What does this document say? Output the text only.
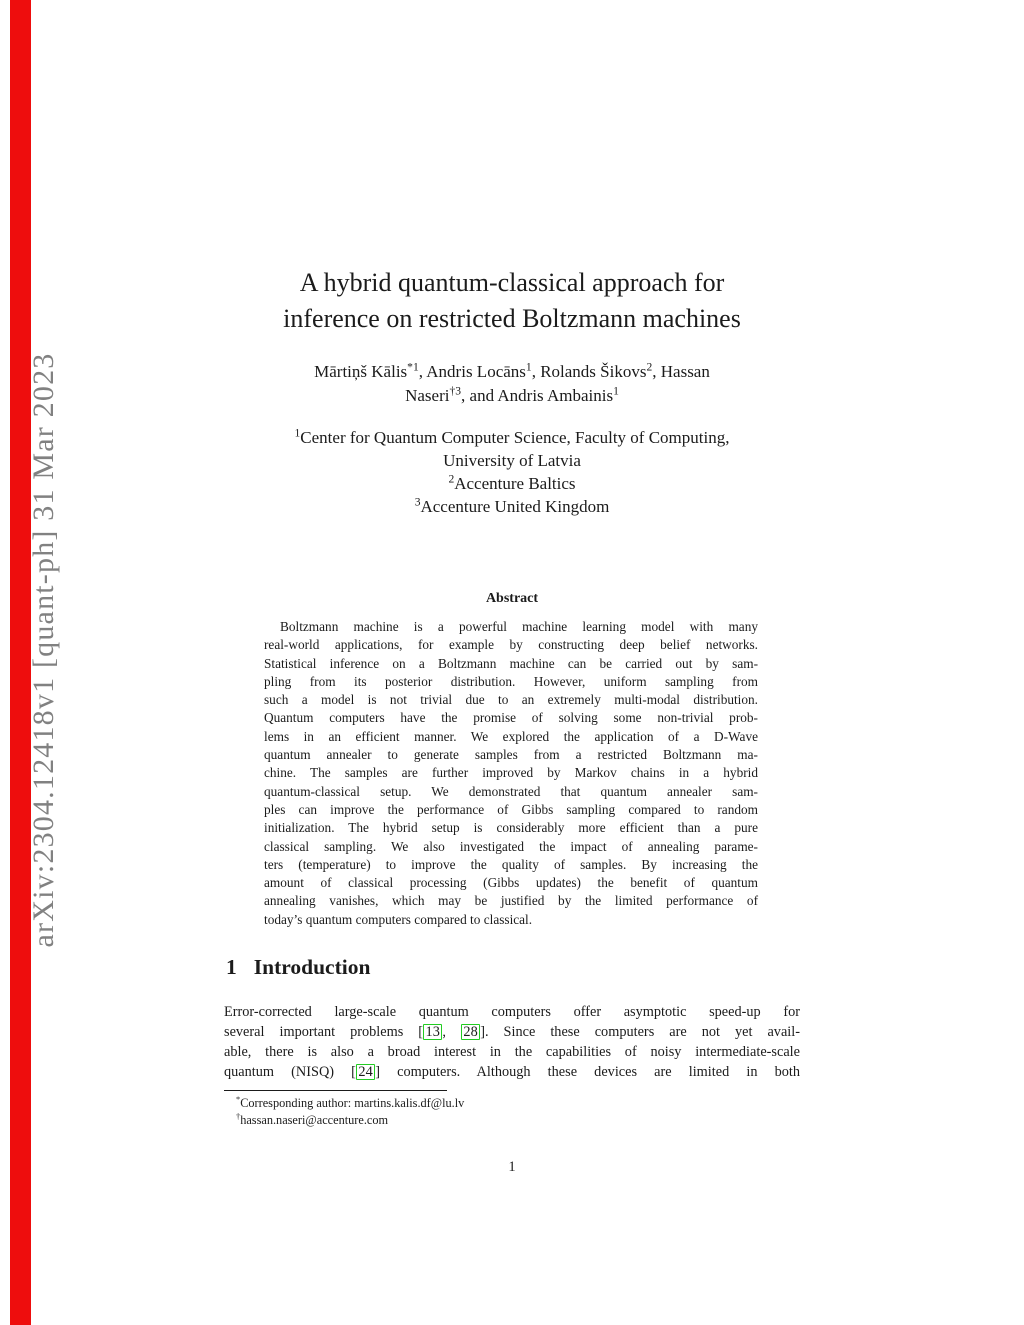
arXiv:2304.12418v1 [quant-ph] 31 Mar 2023
A hybrid quantum-classical approach for
inference on restricted Boltzmann machines
Mārtiņš Kālis$^{*1}$, Andris Locāns$^1$, Rolands Šikovs$^2$, Hassan
Naseri$^{\dagger 3}$, and Andris Ambainis$^1$
$^1$Center for Quantum Computer Science, Faculty of Computing,
University of Latvia
$^2$Accenture Baltics
$^3$Accenture United Kingdom
Abstract
Boltzmann machine is a powerful machine learning model with many
real-world applications, for example by constructing deep belief networks.
Statistical inference on a Boltzmann machine can be carried out by sam-
pling from its posterior distribution. However, uniform sampling from
such a model is not trivial due to an extremely multi-modal distribution.
Quantum computers have the promise of solving some non-trivial prob-
lems in an efficient manner. We explored the application of a D-Wave
quantum annealer to generate samples from a restricted Boltzmann ma-
chine. The samples are further improved by Markov chains in a hybrid
quantum-classical setup. We demonstrated that quantum annealer sam-
ples can improve the performance of Gibbs sampling compared to random
initialization. The hybrid setup is considerably more efficient than a pure
classical sampling. We also investigated the impact of annealing parame-
ters (temperature) to improve the quality of samples. By increasing the
amount of classical processing (Gibbs updates) the benefit of quantum
annealing vanishes, which may be justified by the limited performance of
today’s quantum computers compared to classical.
1 Introduction
Error-corrected large-scale quantum computers offer asymptotic speed-up for
several important problems [ 13 , 28 ]. Since these computers are not yet avail-
able, there is also a broad interest in the capabilities of noisy intermediate-scale
quantum (NISQ) [ 24 ] computers. Although these devices are limited in both
*Corresponding author: martins.kalis.df@lu.lv
†hassan.naseri@accenture.com
1
